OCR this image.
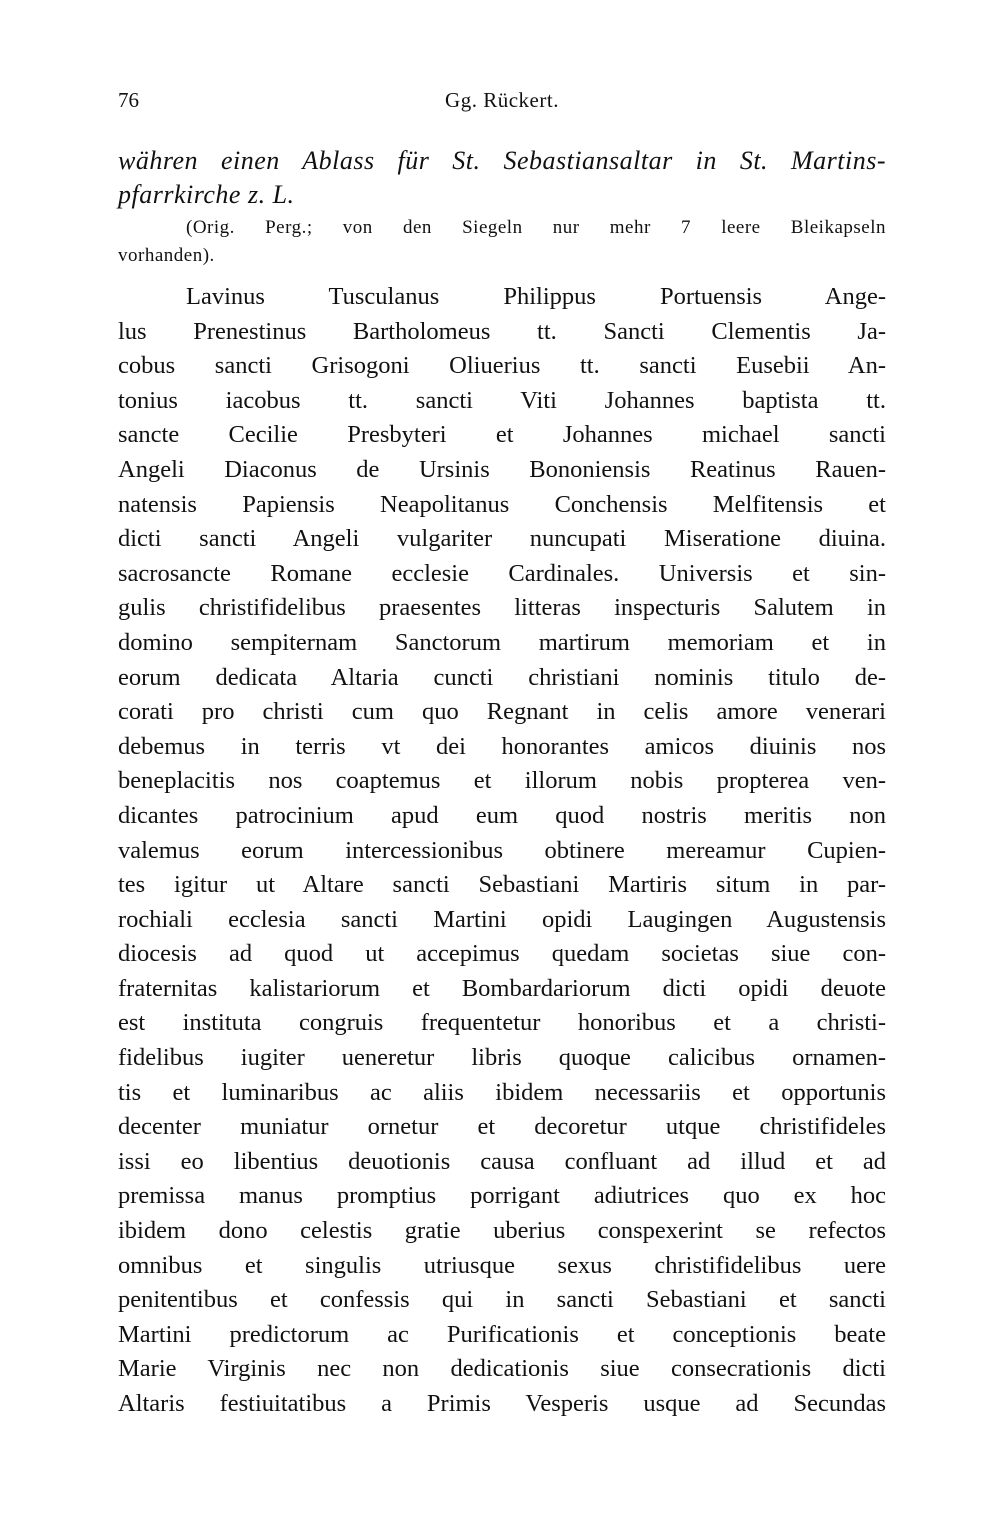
76	Gg. Rückert.
währen einen Ablass für St. Sebastiansaltar in St. Martins-
pfarrkirche z. L.
(Orig. Perg.; von den Siegeln nur mehr 7 leere Bleikapseln
vorhanden).
Lavinus Tusculanus Philippus Portuensis Ange-
lus Prenestinus Bartholomeus tt. Sancti Clementis Ja-
cobus sancti Grisogoni Oliuerius tt. sancti Eusebii An-
tonius iacobus tt. sancti Viti Johannes baptista tt.
sancte Cecilie Presbyteri et Johannes michael sancti
Angeli Diaconus de Ursinis Bononiensis Reatinus Rauen-
natensis Papiensis Neapolitanus Conchensis Melfitensis et
dicti sancti Angeli vulgariter nuncupati Miseratione diuina.
sacrosancte Romane ecclesie Cardinales. Universis et sin-
gulis christifidelibus praesentes litteras inspecturis Salutem in
domino sempiternam Sanctorum martirum memoriam et in
eorum dedicata Altaria cuncti christiani nominis titulo de-
corati pro christi cum quo Regnant in celis amore venerari
debemus in terris vt dei honorantes amicos diuinis nos
beneplacitis nos coaptemus et illorum nobis propterea ven-
dicantes patrocinium apud eum quod nostris meritis non
valemus eorum intercessionibus obtinere mereamur Cupien-
tes igitur ut Altare sancti Sebastiani Martiris situm in par-
rochiali ecclesia sancti Martini opidi Laugingen Augustensis
diocesis ad quod ut accepimus quedam societas siue con-
fraternitas kalistariorum et Bombardariorum dicti opidi deuote
est instituta congruis frequentetur honoribus et a christi-
fidelibus iugiter ueneretur libris quoque calicibus ornamen-
tis et luminaribus ac aliis ibidem necessariis et opportunis
decenter muniatur ornetur et decoretur utque christifideles
issi eo libentius deuotionis causa confluant ad illud et ad
premissa manus promptius porrigant adiutrices quo ex hoc
ibidem dono celestis gratie uberius conspexerint se refectos
omnibus et singulis utriusque sexus christifidelibus uere
penitentibus et confessis qui in sancti Sebastiani et sancti
Martini predictorum ac Purificationis et conceptionis beate
Marie Virginis nec non dedicationis siue consecrationis dicti
Altaris festiuitatibus a Primis Vesperis usque ad Secundas
